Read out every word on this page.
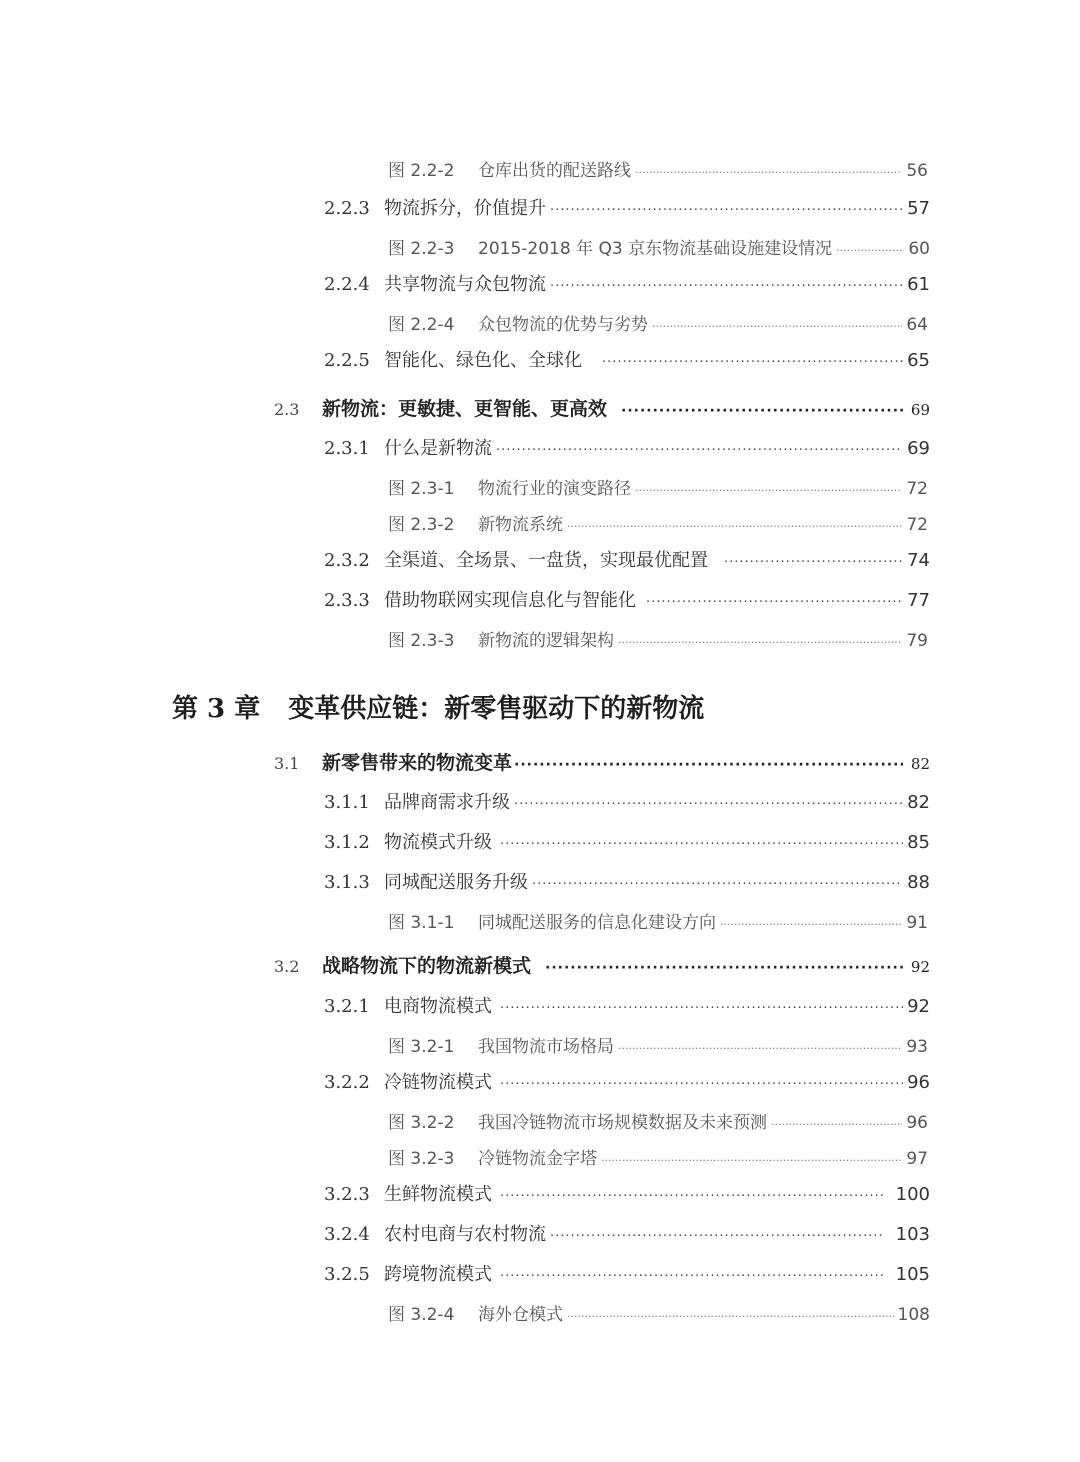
图 2.2-2	仓库出货的配送路线 ·····	56
2.2.3 物流拆分，价值提升 ·····	57
图 2.2-3	2015-2018 年 Q3 京东物流基础设施建设情况 ·····	60
2.2.4 共享物流与众包物流 ·····	61
图 2.2-4	众包物流的优势与劣势 ·····	64
2.2.5 智能化、绿色化、全球化 ·····	65
2.3	新物流：更敏捷、更智能、更高效 ·····	69
2.3.1 什么是新物流 ·····	69
图 2.3-1	物流行业的演变路径 ·····	72
图 2.3-2	新物流系统 ·····	72
2.3.2 全渠道、全场景、一盘货，实现最优配置 ·····	74
2.3.3 借助物联网实现信息化与智能化 ·····	77
图 2.3-3	新物流的逻辑架构 ·····	79
第 3 章 变革供应链：新零售驱动下的新物流
3.1	新零售带来的物流变革 ·····	82
3.1.1 品牌商需求升级 ·····	82
3.1.2 物流模式升级 ·····	85
3.1.3 同城配送服务升级 ·····	88
图 3.1-1	同城配送服务的信息化建设方向 ·····	91
3.2	战略物流下的物流新模式 ·····	92
3.2.1 电商物流模式 ·····	92
图 3.2-1	我国物流市场格局 ·····	93
3.2.2 冷链物流模式 ·····	96
图 3.2-2	我国冷链物流市场规模数据及未来预测 ·····	96
图 3.2-3	冷链物流金字塔 ·····	97
3.2.3 生鲜物流模式 ·····	100
3.2.4 农村电商与农村物流 ·····	103
3.2.5 跨境物流模式 ·····	105
图 3.2-4	海外仓模式 ·····	108
